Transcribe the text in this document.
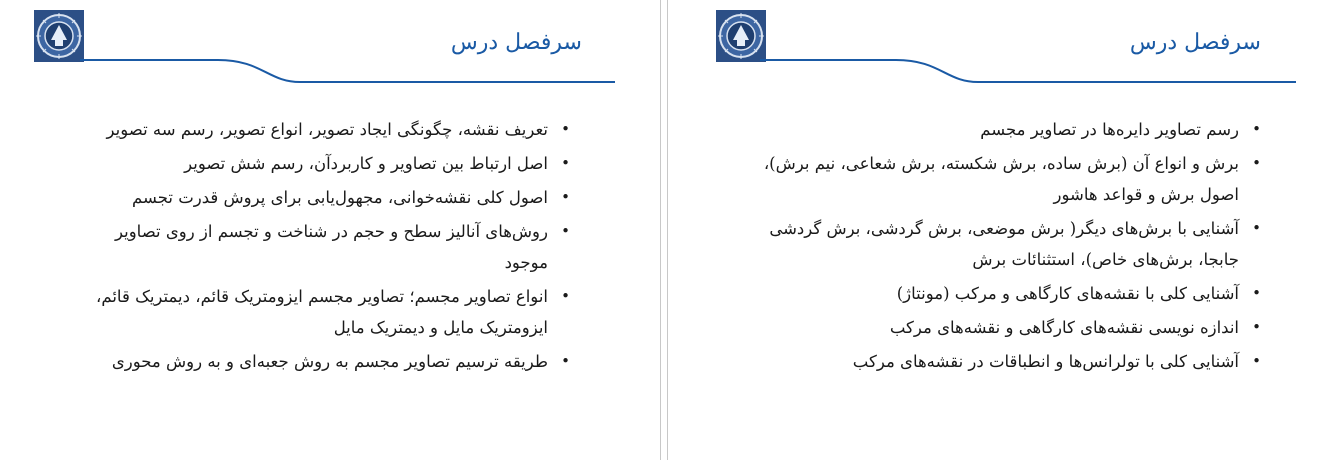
سرفصل درس
• تعریف نقشه، چگونگی ایجاد تصویر، انواع تصویر، رسم سه تصویر
• اصل ارتباط بین تصاویر و کاربردآن، رسم شش تصویر
• اصول کلی نقشه‌خوانی، مجهول‌یابی برای پروش قدرت تجسم
• روش‌های آنالیز سطح و حجم در شناخت و تجسم از روی تصاویر موجود
• انواع تصاویر مجسم؛ تصاویر مجسم ایزومتریک قائم، دیمتریک قائم، ایزومتریک مایل و دیمتریک مایل
• طریقه ترسیم تصاویر مجسم به روش جعبه‌ای و به روش محوری
سرفصل درس
• رسم تصاویر دایره‌ها در تصاویر مجسم
• برش و انواع آن (برش ساده، برش شکسته، برش شعاعی، نیم برش)، اصول برش و قواعد هاشور
• آشنایی با برش‌های دیگر( برش موضعی، برش گردشی، برش گردشی جابجا، برش‌های خاص)، استثنائات برش
• آشنایی کلی با نقشه‌های کارگاهی و مرکب (مونتاژ)
• اندازه نویسی نقشه‌های کارگاهی و نقشه‌های مرکب
• آشنایی کلی با تولرانس‌ها و انطباقات در نقشه‌های مرکب
